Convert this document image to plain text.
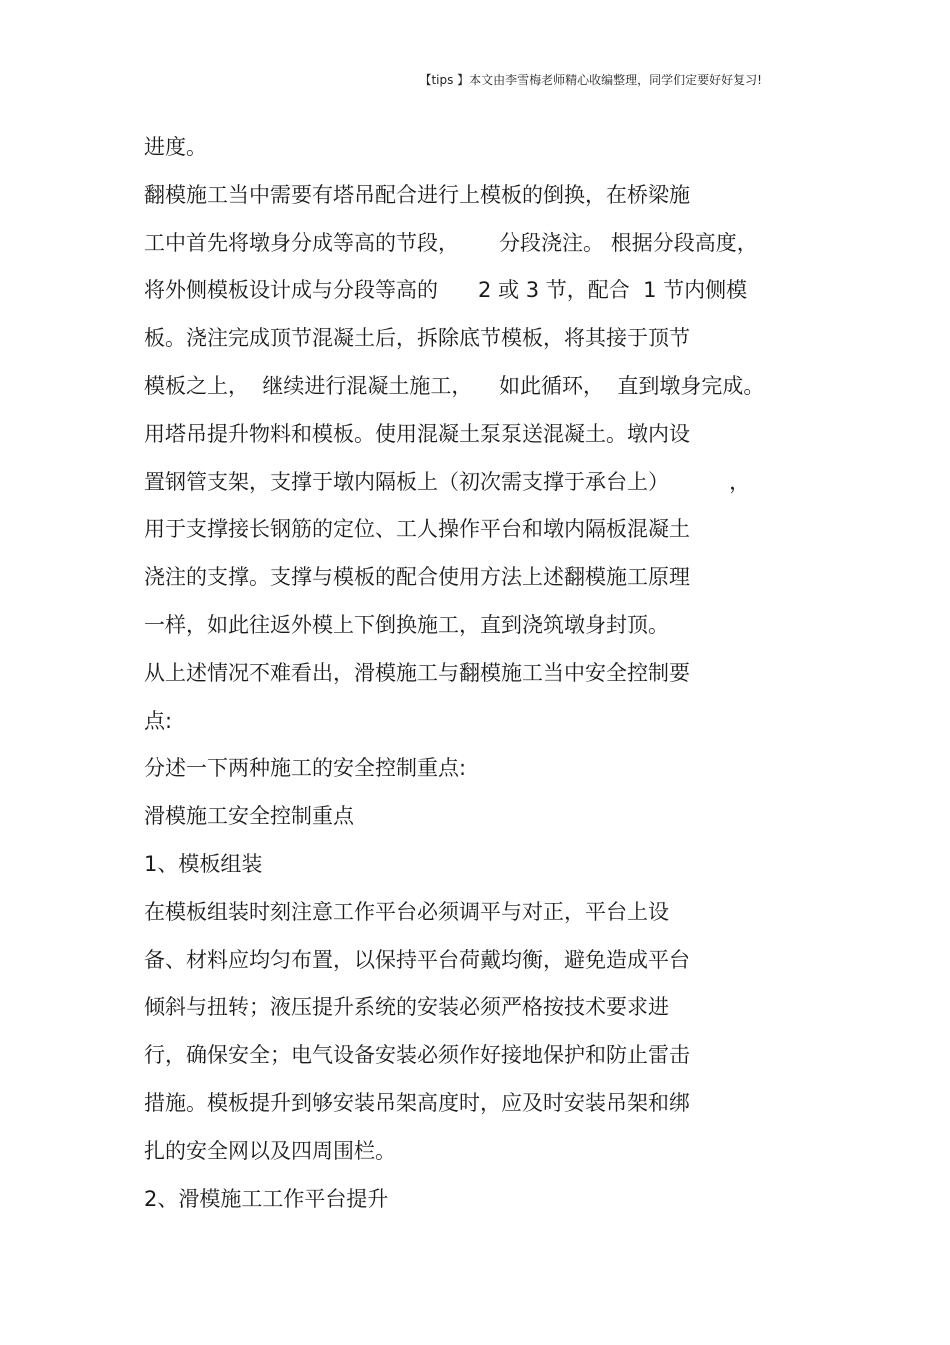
【tips 】本文由李雪梅老师精心收编整理，同学们定要好好复习!
进度。
翻模施工当中需要有塔吊配合进行上模板的倒换，在桥梁施
工中首先将墩身分成等高的节段，      分段浇注。 根据分段高度，
将外侧模板设计成与分段等高的      2 或 3 节，配合  1 节内侧模
板。浇注完成顶节混凝土后，拆除底节模板，将其接于顶节
模板之上，  继续进行混凝土施工，    如此循环，  直到墩身完成。
用塔吊提升物料和模板。使用混凝土泵泵送混凝土。墩内设
置钢管支架，支撑于墩内隔板上（初次需支撑于承台上）         ，
用于支撑接长钢筋的定位、工人操作平台和墩内隔板混凝土
浇注的支撑。支撑与模板的配合使用方法上述翻模施工原理
一样，如此往返外模上下倒换施工，直到浇筑墩身封顶。
从上述情况不难看出，滑模施工与翻模施工当中安全控制要
点:
分述一下两种施工的安全控制重点:
滑模施工安全控制重点
1、模板组装
在模板组装时刻注意工作平台必须调平与对正，平台上设
备、材料应均匀布置，以保持平台荷戴均衡，避免造成平台
倾斜与扭转；液压提升系统的安装必须严格按技术要求进
行，确保安全；电气设备安装必须作好接地保护和防止雷击
措施。模板提升到够安装吊架高度时，应及时安装吊架和绑
扎的安全网以及四周围栏。
2、滑模施工工作平台提升
